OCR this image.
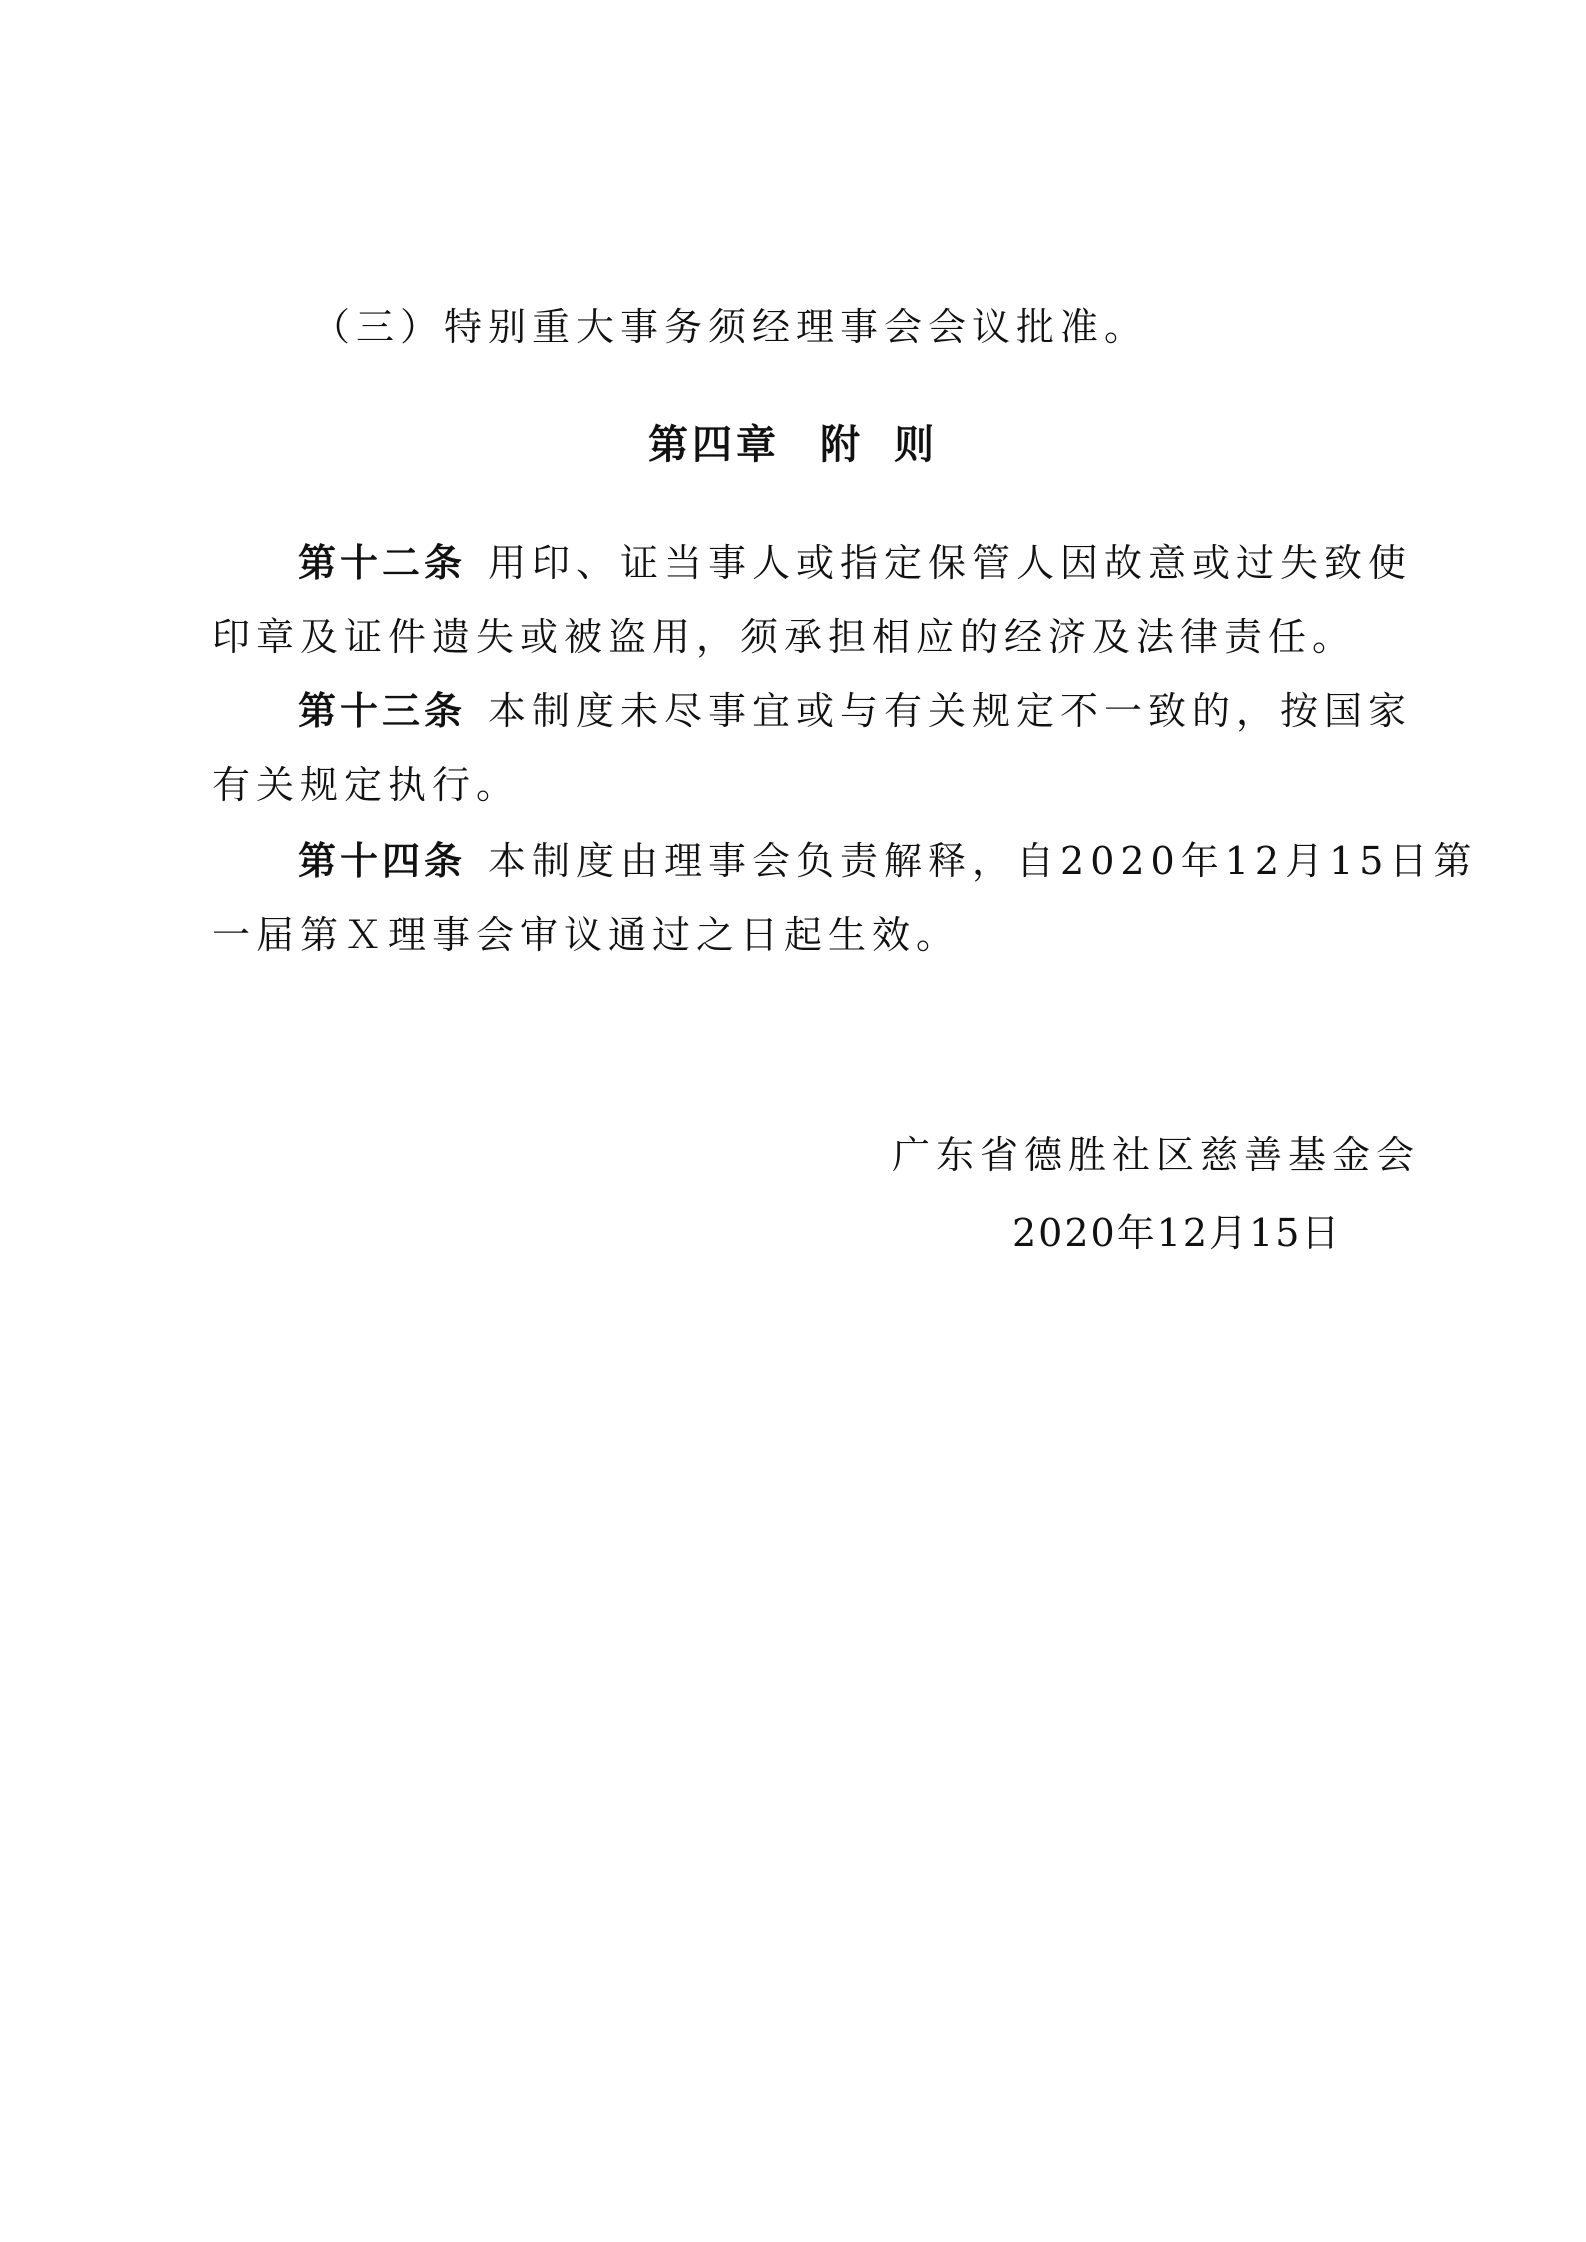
（三）特别重大事务须经理事会会议批准。
第四章 附 则
第十二条 用印、证当事人或指定保管人因故意或过失致使
印章及证件遗失或被盗用，须承担相应的经济及法律责任。
第十三条 本制度未尽事宜或与有关规定不一致的，按国家
有关规定执行。
第十四条 本制度由理事会负责解释，自2020年12月15日第
一届第Ｘ理事会审议通过之日起生效。
广东省德胜社区慈善基金会
2020年12月15日
